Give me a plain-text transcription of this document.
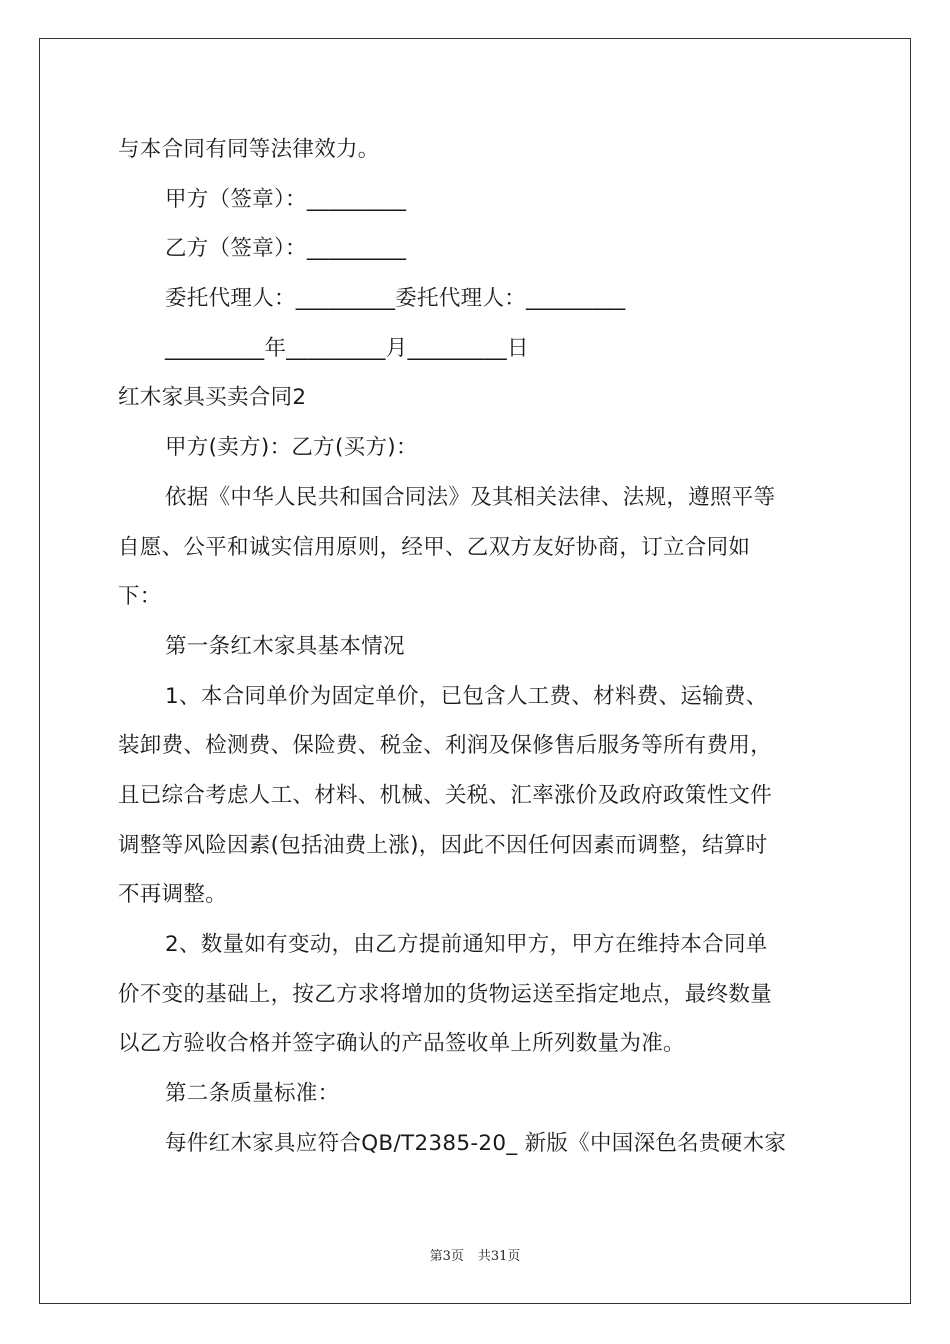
与本合同有同等法律效力。
甲方（签章）：_________
乙方（签章）：_________
委托代理人：_________委托代理人：_________
_________年_________月_________日
红木家具买卖合同2
甲方(卖方)：乙方(买方)：
依据《中华人民共和国合同法》及其相关法律、法规，遵照平等
自愿、公平和诚实信用原则，经甲、乙双方友好协商，订立合同如
下：
第一条红木家具基本情况
1、本合同单价为固定单价，已包含人工费、材料费、运输费、
装卸费、检测费、保险费、税金、利润及保修售后服务等所有费用，
且已综合考虑人工、材料、机械、关税、汇率涨价及政府政策性文件
调整等风险因素(包括油费上涨)，因此不因任何因素而调整，结算时
不再调整。
2、数量如有变动，由乙方提前通知甲方，甲方在维持本合同单
价不变的基础上，按乙方求将增加的货物运送至指定地点，最终数量
以乙方验收合格并签字确认的产品签收单上所列数量为准。
第二条质量标准：
每件红木家具应符合QB/T2385-20_ 新版《中国深色名贵硬木家
第3页 共31页
